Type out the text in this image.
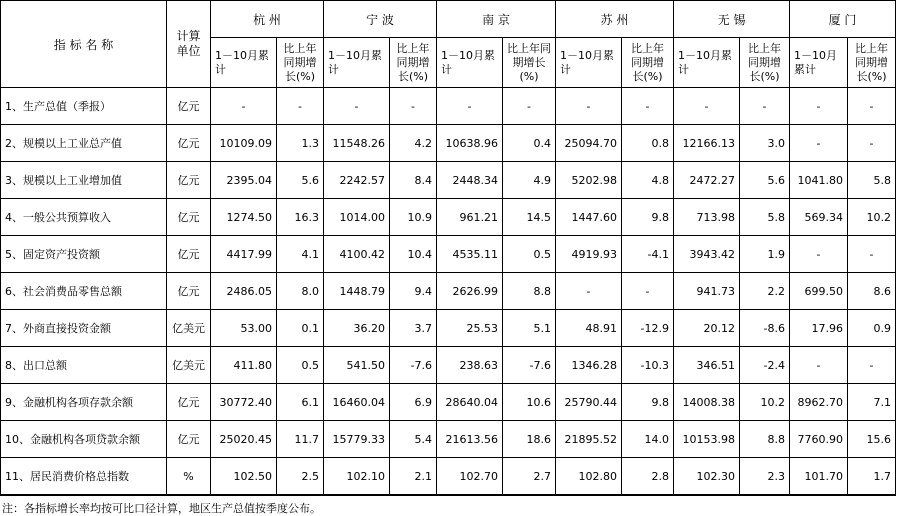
指 标 名 称	计算单位	杭 州		宁 波		南 京		苏 州		无 锡		厦 门	
		1－10月累计	比上年同期增长(%)	1－10月累计	比上年同期增长(%)	1－10月累计	比上年同期增长(%)	1－10月累计	比上年同期增长(%)	1－10月累计	比上年同期增长(%)	1－10月累计	比上年同期增长(%)
1、生产总值（季报）	亿元	-	-	-	-	-	-	-	-	-	-	-	-
2、规模以上工业总产值	亿元	10109.09	1.3	11548.26	4.2	10638.96	0.4	25094.70	0.8	12166.13	3.0	-	-
3、规模以上工业增加值	亿元	2395.04	5.6	2242.57	8.4	2448.34	4.9	5202.98	4.8	2472.27	5.6	1041.80	5.8
4、一般公共预算收入	亿元	1274.50	16.3	1014.00	10.9	961.21	14.5	1447.60	9.8	713.98	5.8	569.34	10.2
5、固定资产投资额	亿元	4417.99	4.1	4100.42	10.4	4535.11	0.5	4919.93	-4.1	3943.42	1.9	-	-
6、社会消费品零售总额	亿元	2486.05	8.0	1448.79	9.4	2626.99	8.8	-	-	941.73	2.2	699.50	8.6
7、外商直接投资金额	亿美元	53.00	0.1	36.20	3.7	25.53	5.1	48.91	-12.9	20.12	-8.6	17.96	0.9
8、出口总额	亿美元	411.80	0.5	541.50	-7.6	238.63	-7.6	1346.28	-10.3	346.51	-2.4	-	-
9、金融机构各项存款余额	亿元	30772.40	6.1	16460.04	6.9	28640.04	10.6	25790.44	9.8	14008.38	10.2	8962.70	7.1
10、金融机构各项贷款余额	亿元	25020.45	11.7	15779.33	5.4	21613.56	18.6	21895.52	14.0	10153.98	8.8	7760.90	15.6
11、居民消费价格总指数	%	102.50	2.5	102.10	2.1	102.70	2.7	102.80	2.8	102.30	2.3	101.70	1.7
注：各指标增长率均按可比口径计算，地区生产总值按季度公布。
